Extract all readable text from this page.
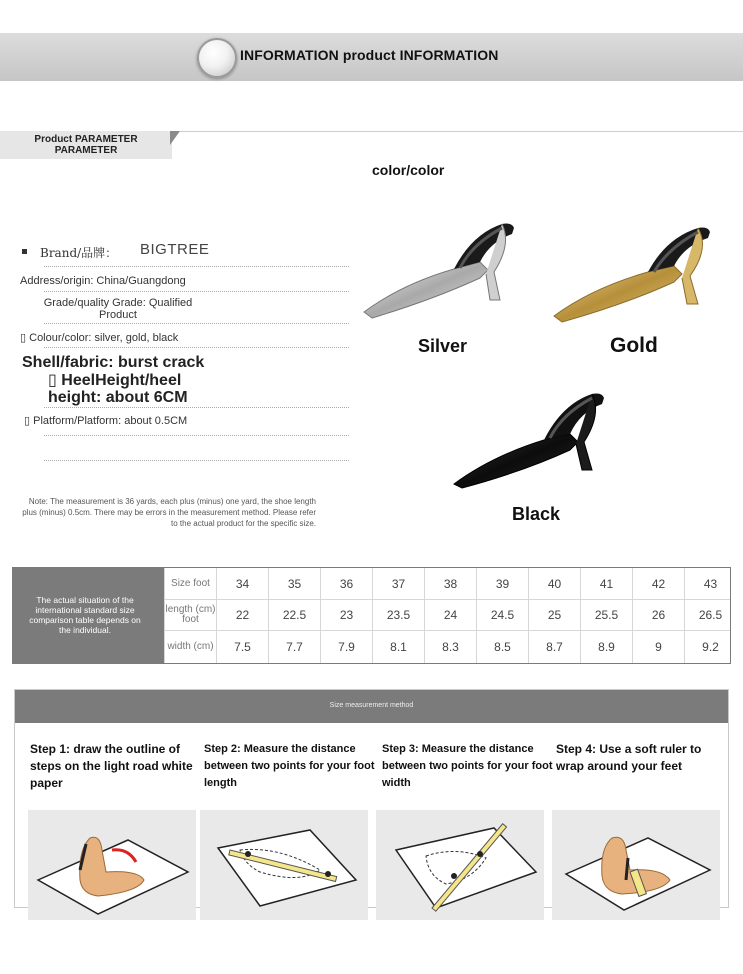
INFORMATION product INFORMATION
Product PARAMETER PARAMETER
color/color
Brand/品牌： BIGTREE
Address/origin: China/Guangdong
Grade/quality Grade: Qualified Product
▯ Colour/color: silver, gold, black
Shell/fabric: burst crack
▯ HeelHeight/heel height: about 6CM
▯ Platform/Platform: about 0.5CM
Note: The measurement is 36 yards, each plus (minus) one yard, the shoe length plus (minus) 0.5cm. There may be errors in the measurement method. Please refer to the actual product for the specific size.
Silver	Gold
Black
The actual situation of the international standard size comparison table depends on the individual.
Size foot	34	35	36	37	38	39	40	41	42	43
length (cm) foot	22	22.5	23	23.5	24	24.5	25	25.5	26	26.5
width (cm)	7.5	7.7	7.9	8.1	8.3	8.5	8.7	8.9	9	9.2
Size measurement method
Step 1: draw the outline of steps on the light road white paper
Step 2: Measure the distance between two points for your foot length
Step 3: Measure the distance between two points for your foot width
Step 4: Use a soft ruler to wrap around your feet
